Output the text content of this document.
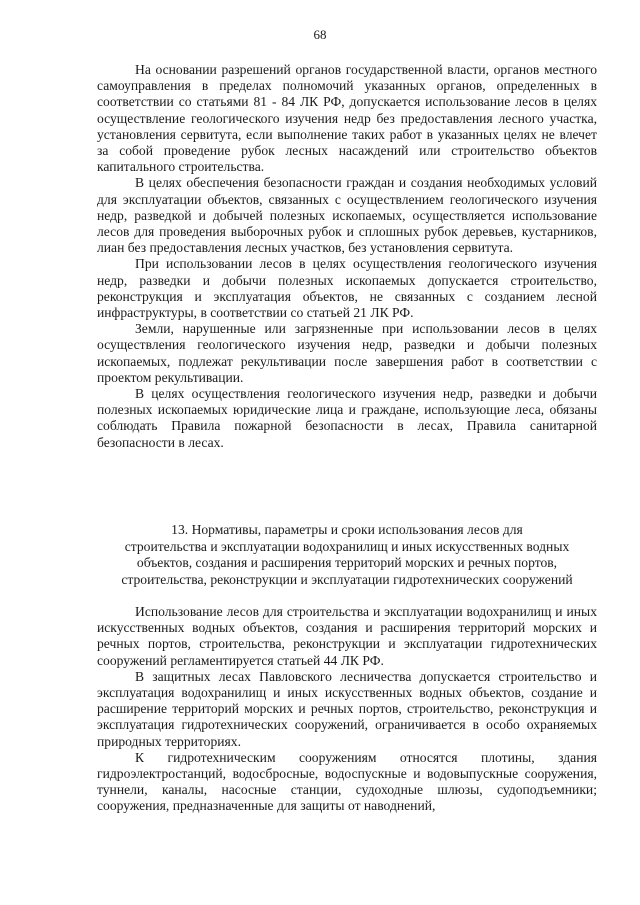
68

На основании разрешений органов государственной власти, органов местного самоуправления в пределах полномочий указанных органов, определенных в соответствии со статьями 81 - 84 ЛК РФ, допускается использование лесов в целях осуществление геологического изучения недр без предоставления лесного участка, установления сервитута, если выполнение таких работ в указанных целях не влечет за собой проведение рубок лесных насаждений или строительство объектов капитального строительства.

В целях обеспечения безопасности граждан и создания необходимых условий для эксплуатации объектов, связанных с осуществлением геологического изучения недр, разведкой и добычей полезных ископаемых, осуществляется использование лесов для проведения выборочных рубок и сплошных рубок деревьев, кустарников, лиан без предоставления лесных участков, без установления сервитута.

При использовании лесов в целях осуществления геологического изучения недр, разведки и добычи полезных ископаемых допускается строительство, реконструкция и эксплуатация объектов, не связанных с созданием лесной инфраструктуры, в соответствии со статьей 21 ЛК РФ.

Земли, нарушенные или загрязненные при использовании лесов в целях осуществления геологического изучения недр, разведки и добычи полезных ископаемых, подлежат рекультивации после завершения работ в соответствии с проектом рекультивации.

В целях осуществления геологического изучения недр, разведки и добычи полезных ископаемых юридические лица и граждане, использующие леса, обязаны соблюдать Правила пожарной безопасности в лесах, Правила санитарной безопасности в лесах.

13. Нормативы, параметры и сроки использования лесов для
строительства и эксплуатации водохранилищ и иных искусственных водных
объектов, создания и расширения территорий морских и речных портов,
строительства, реконструкции и эксплуатации гидротехнических сооружений

Использование лесов для строительства и эксплуатации водохранилищ и иных искусственных водных объектов, создания и расширения территорий морских и речных портов, строительства, реконструкции и эксплуатации гидротехнических сооружений регламентируется статьей 44 ЛК РФ.

В защитных лесах Павловского лесничества допускается строительство и эксплуатация водохранилищ и иных искусственных водных объектов, создание и расширение территорий морских и речных портов, строительство, реконструкция и эксплуатация гидротехнических сооружений, ограничивается в особо охраняемых природных территориях.

К гидротехническим сооружениям относятся плотины, здания гидроэлектростанций, водосбросные, водоспускные и водовыпускные сооружения, туннели, каналы, насосные станции, судоходные шлюзы, судоподъемники; сооружения, предназначенные для защиты от наводнений,
